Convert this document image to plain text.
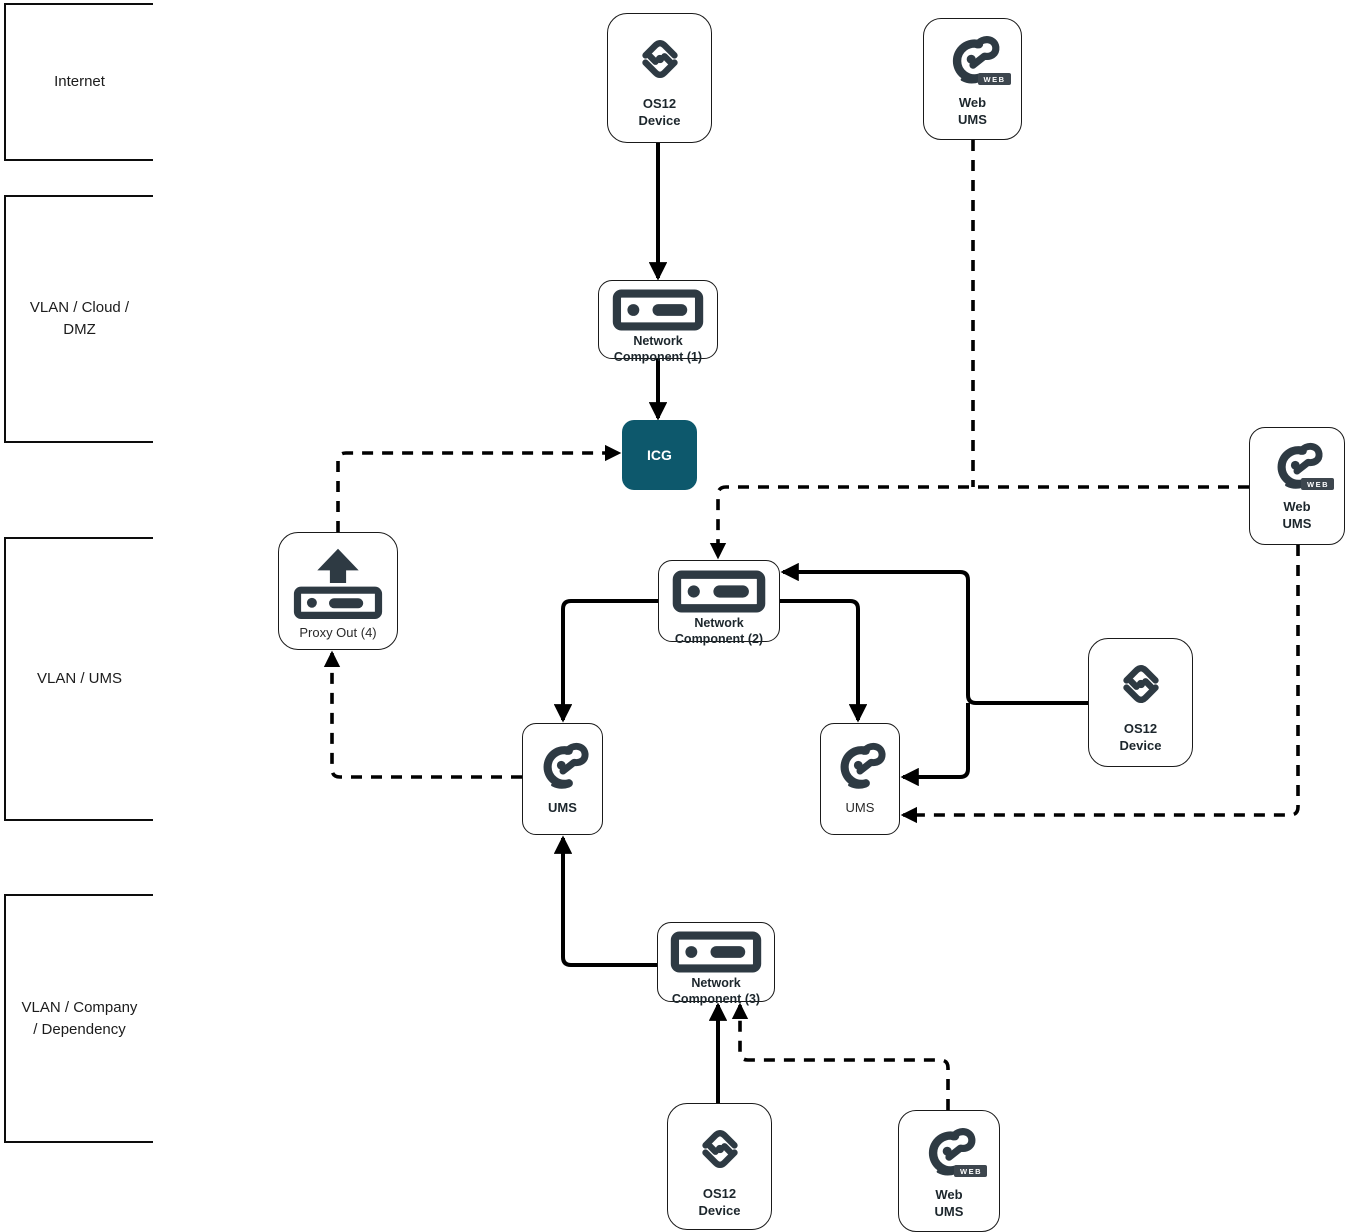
Internet
VLAN / Cloud / DMZ
VLAN / UMS
VLAN / Company / Dependency
OS12 Device
WEB
Web UMS
Network Component (1)
ICG
Proxy Out (4)
Network Component (2)
WEB
Web UMS
OS12 Device
UMS	UMS
Network Component (3)
OS12 Device
WEB
Web UMS
